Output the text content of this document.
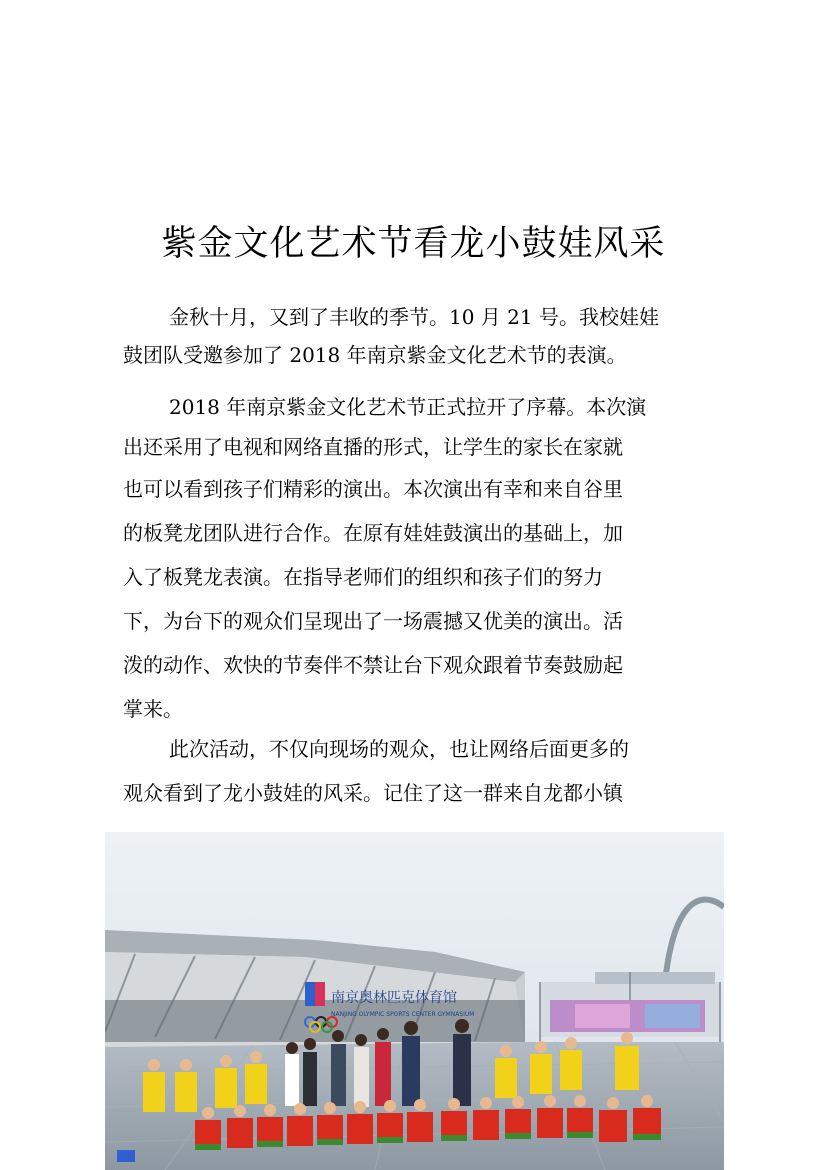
紫金文化艺术节看龙小鼓娃风采
金秋十月，又到了丰收的季节。10 月 21 号。我校娃娃
鼓团队受邀参加了 2018 年南京紫金文化艺术节的表演。
2018 年南京紫金文化艺术节正式拉开了序幕。本次演
出还采用了电视和网络直播的形式，让学生的家长在家就
也可以看到孩子们精彩的演出。本次演出有幸和来自谷里
的板凳龙团队进行合作。在原有娃娃鼓演出的基础上，加
入了板凳龙表演。在指导老师们的组织和孩子们的努力
下，为台下的观众们呈现出了一场震撼又优美的演出。活
泼的动作、欢快的节奏伴不禁让台下观众跟着节奏鼓励起
掌来。
此次活动，不仅向现场的观众，也让网络后面更多的
观众看到了龙小鼓娃的风采。记住了这一群来自龙都小镇
南京奥林匹克体育馆
NANJING OLYMPIC SPORTS CENTER GYMNASIUM
